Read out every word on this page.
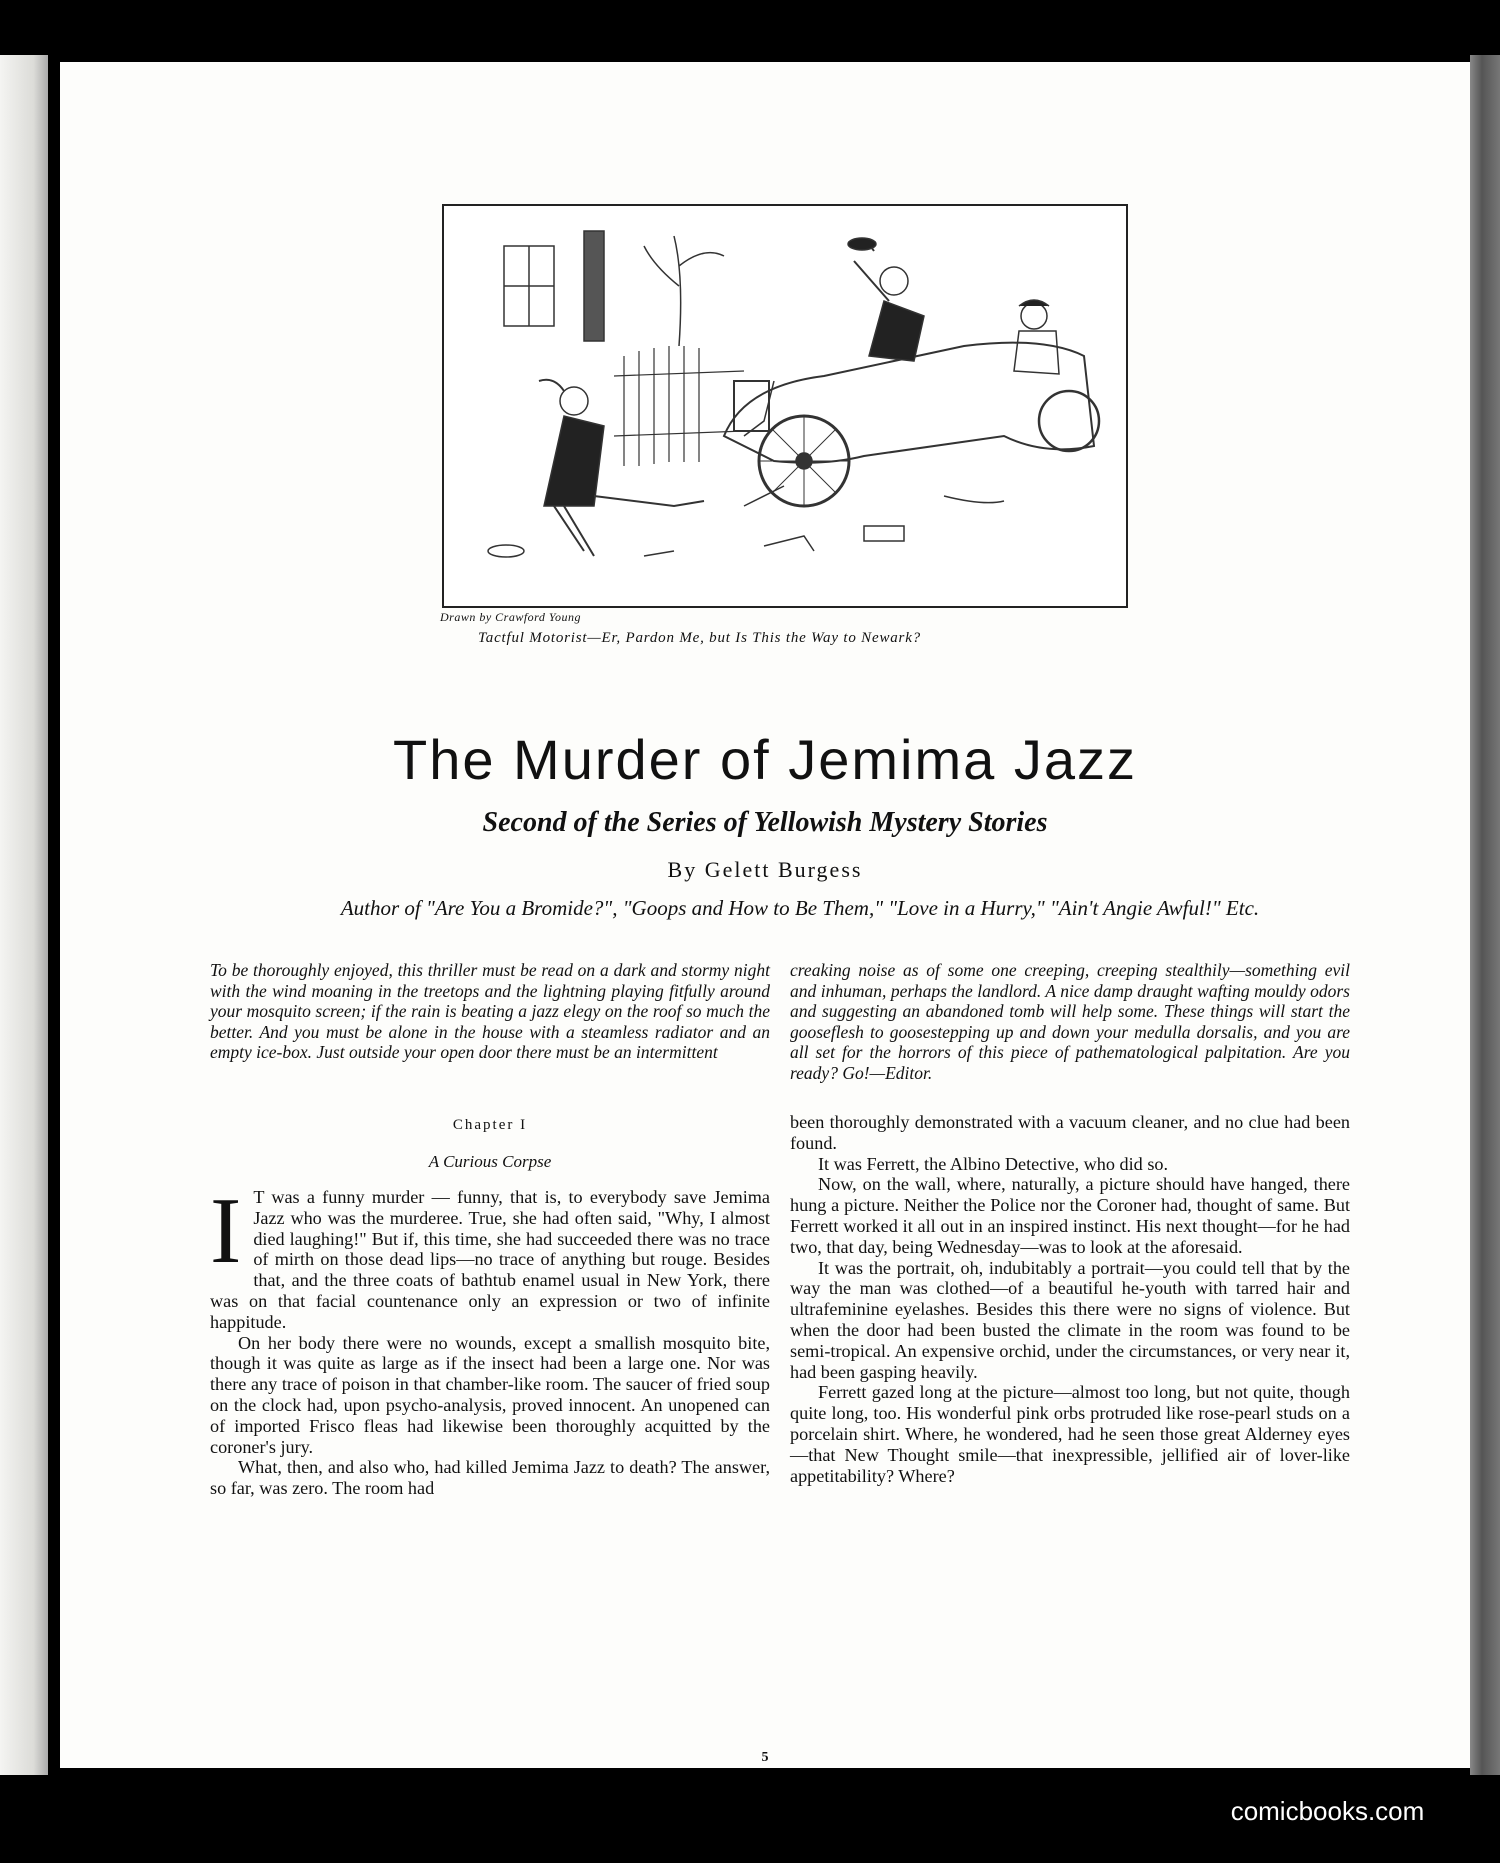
Drawn by Crawford Young
Tactful Motorist—Er, Pardon Me, but Is This the Way to Newark?
The Murder of Jemima Jazz
Second of the Series of Yellowish Mystery Stories
By Gelett Burgess
Author of "Are You a Bromide?", "Goops and How to Be Them," "Love in a Hurry," "Ain't Angie Awful!" Etc.
To be thoroughly enjoyed, this thriller must be read on a dark and stormy night with the wind moaning in the treetops and the lightning playing fitfully around your mosquito screen; if the rain is beating a jazz elegy on the roof so much the better. And you must be alone in the house with a steamless radiator and an empty ice-box. Just outside your open door there must be an intermittent
creaking noise as of some one creeping, creeping stealthily—something evil and inhuman, perhaps the landlord. A nice damp draught wafting mouldy odors and suggesting an abandoned tomb will help some. These things will start the gooseflesh to goosestepping up and down your medulla dorsalis, and you are all set for the horrors of this piece of pathematological palpitation. Are you ready? Go!—Editor.
Chapter I
A Curious Corpse

I T was a funny murder — funny, that is, to everybody save Jemima Jazz who was the murderee. True, she had often said, "Why, I almost died laughing!" But if, this time, she had succeeded there was no trace of mirth on those dead lips—no trace of anything but rouge. Besides that, and the three coats of bathtub enamel usual in New York, there was on that facial countenance only an expression or two of infinite happitude.

On her body there were no wounds, except a smallish mosquito bite, though it was quite as large as if the insect had been a large one. Nor was there any trace of poison in that chamber-like room. The saucer of fried soup on the clock had, upon psycho-analysis, proved innocent. An unopened can of imported Frisco fleas had likewise been thoroughly acquitted by the coroner's jury.

What, then, and also who, had killed Jemima Jazz to death? The answer, so far, was zero. The room had

been thoroughly demonstrated with a vacuum cleaner, and no clue had been found.

It was Ferrett, the Albino Detective, who did so.

Now, on the wall, where, naturally, a picture should have hanged, there hung a picture. Neither the Police nor the Coroner had, thought of same. But Ferrett worked it all out in an inspired instinct. His next thought—for he had two, that day, being Wednesday—was to look at the aforesaid.

It was the portrait, oh, indubitably a portrait—you could tell that by the way the man was clothed—of a beautiful he-youth with tarred hair and ultrafeminine eyelashes. Besides this there were no signs of violence. But when the door had been busted the climate in the room was found to be semi-tropical. An expensive orchid, under the circumstances, or very near it, had been gasping heavily.

Ferrett gazed long at the picture—almost too long, but not quite, though quite long, too. His wonderful pink orbs protruded like rose-pearl studs on a porcelain shirt. Where, he wondered, had he seen those great Alderney eyes—that New Thought smile—that inexpressible, jellified air of lover-like appetitability? Where?

5
comicbooks.com
